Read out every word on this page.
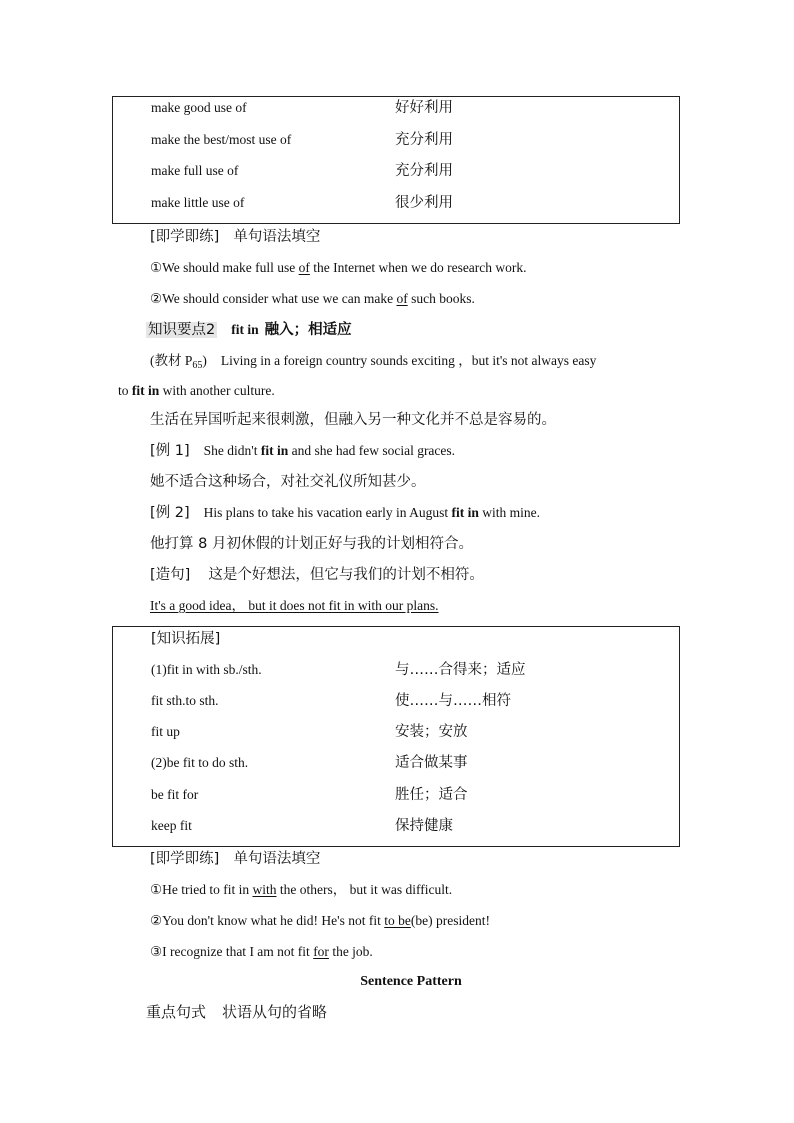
make good use of	好好利用
make the best/most use of	充分利用
make full use of	充分利用
make little use of	很少利用
[即学即练] 单句语法填空
①We should make full use of the Internet when we do research work.
②We should consider what use we can make of such books.
知识要点2 fit in 融入；相适应
(教材 $P_{65}$) Living in a foreign country sounds exciting ，but it's not always easy
to fit in with another culture.
生活在异国听起来很刺激，但融入另一种文化并不总是容易的。
[例 1] She didn't fit in and she had few social graces.
她不适合这种场合，对社交礼仪所知甚少。
[例 2] His plans to take his vacation early in August fit in with mine.
他打算 8 月初休假的计划正好与我的计划相符合。
[造句] 这是个好想法，但它与我们的计划不相符。
It's a good idea， but it does not fit in with our plans.
[知识拓展]
(1)fit in with sb./sth.	与……合得来；适应
fit sth.to sth.	使……与……相符
fit up	安装；安放
(2)be fit to do sth.	适合做某事
be fit for	胜任；适合
keep fit	保持健康
[即学即练] 单句语法填空
①He tried to fit in with the others， but it was difficult.
②You don't know what he did! He's not fit to be(be) president!
③I recognize that I am not fit for the job.
Sentence Pattern
重点句式 状语从句的省略
